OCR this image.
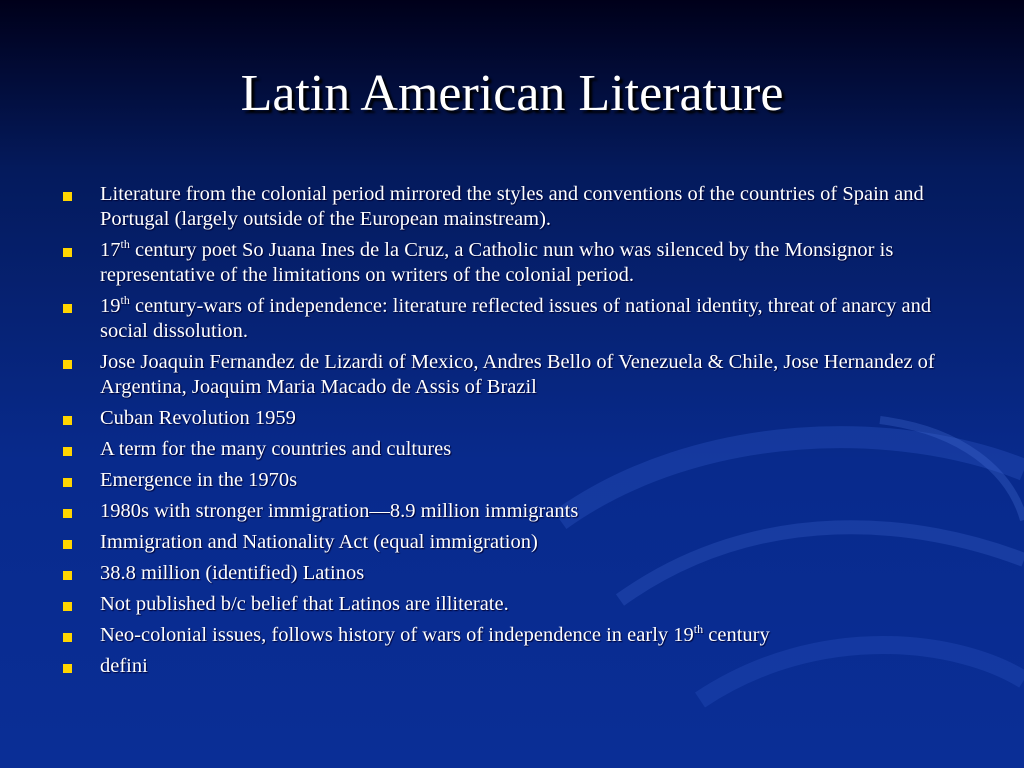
Latin American Literature
Literature from the colonial period mirrored the styles and conventions of the countries of Spain and Portugal (largely outside of the European mainstream).
17th century poet So Juana Ines de la Cruz, a Catholic nun who was silenced by the Monsignor is representative of the limitations on writers of the colonial period.
19th century-wars of independence: literature reflected issues of national identity, threat of anarcy and social dissolution.
Jose Joaquin Fernandez de Lizardi of Mexico, Andres Bello of Venezuela & Chile, Jose Hernandez of Argentina, Joaquim Maria Macado de Assis of Brazil
Cuban Revolution 1959
A term for the many countries and cultures
Emergence in the 1970s
1980s with stronger immigration—8.9 million immigrants
Immigration and Nationality Act (equal immigration)
38.8 million (identified) Latinos
Not published b/c belief that Latinos are illiterate.
Neo-colonial issues, follows history of wars of independence in early 19th century
defini
